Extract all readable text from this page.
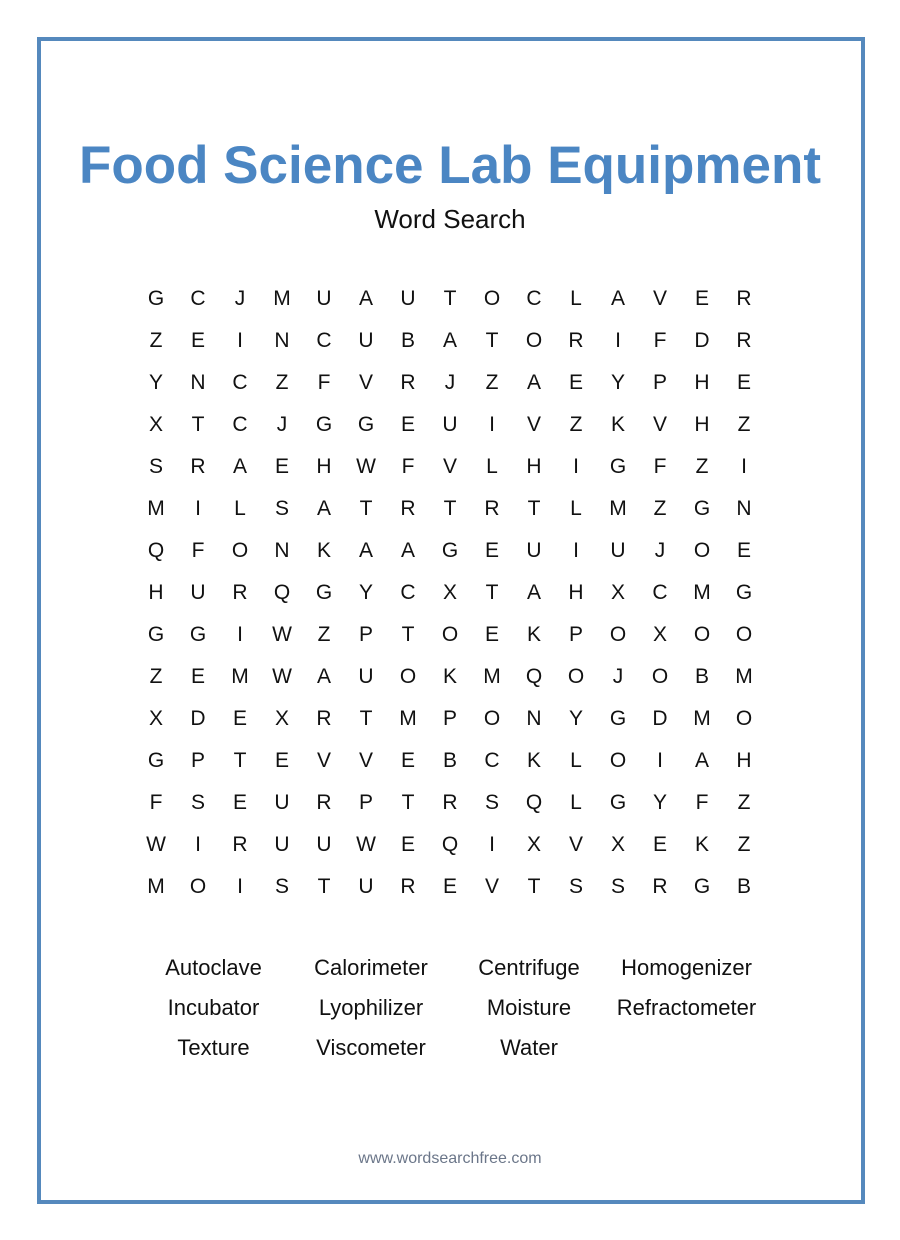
Food Science Lab Equipment
Word Search
G	C	J	M	U	A	U	T	O	C	L	A	V	E	R
Z	E	I	N	C	U	B	A	T	O	R	I	F	D	R
Y	N	C	Z	F	V	R	J	Z	A	E	Y	P	H	E
X	T	C	J	G	G	E	U	I	V	Z	K	V	H	Z
S	R	A	E	H	W	F	V	L	H	I	G	F	Z	I
M	I	L	S	A	T	R	T	R	T	L	M	Z	G	N
Q	F	O	N	K	A	A	G	E	U	I	U	J	O	E
H	U	R	Q	G	Y	C	X	T	A	H	X	C	M	G
G	G	I	W	Z	P	T	O	E	K	P	O	X	O	O
Z	E	M	W	A	U	O	K	M	Q	O	J	O	B	M
X	D	E	X	R	T	M	P	O	N	Y	G	D	M	O
G	P	T	E	V	V	E	B	C	K	L	O	I	A	H
F	S	E	U	R	P	T	R	S	Q	L	G	Y	F	Z
W	I	R	U	U	W	E	Q	I	X	V	X	E	K	Z
M	O	I	S	T	U	R	E	V	T	S	S	R	G	B
Autoclave	Calorimeter	Centrifuge	Homogenizer
Incubator	Lyophilizer	Moisture	Refractometer
Texture	Viscometer	Water
www.wordsearchfree.com
